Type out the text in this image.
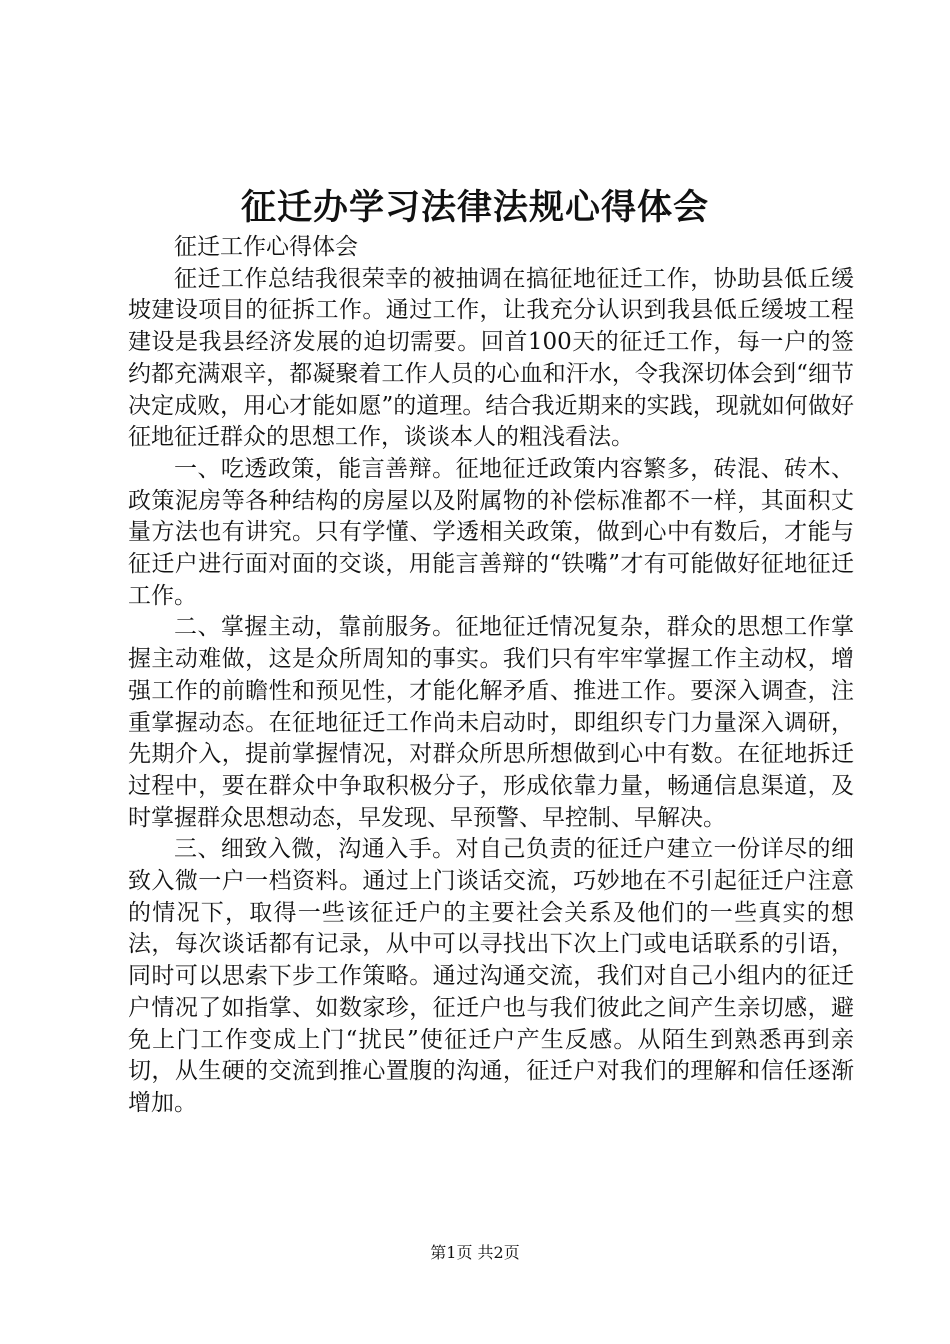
征迁办学习法律法规心得体会

征迁工作心得体会

征迁工作总结我很荣幸的被抽调在搞征地征迁工作，协助县低丘缓坡建设项目的征拆工作。通过工作，让我充分认识到我县低丘缓坡工程建设是我县经济发展的迫切需要。回首100天的征迁工作，每一户的签约都充满艰辛，都凝聚着工作人员的心血和汗水，令我深切体会到“细节决定成败，用心才能如愿”的道理。结合我近期来的实践，现就如何做好征地征迁群众的思想工作，谈谈本人的粗浅看法。

一、吃透政策，能言善辩。征地征迁政策内容繁多，砖混、砖木、政策泥房等各种结构的房屋以及附属物的补偿标准都不一样，其面积丈量方法也有讲究。只有学懂、学透相关政策，做到心中有数后，才能与征迁户进行面对面的交谈，用能言善辩的“铁嘴”才有可能做好征地征迁工作。

二、掌握主动，靠前服务。征地征迁情况复杂，群众的思想工作掌握主动难做，这是众所周知的事实。我们只有牢牢掌握工作主动权，增强工作的前瞻性和预见性，才能化解矛盾、推进工作。要深入调查，注重掌握动态。在征地征迁工作尚未启动时，即组织专门力量深入调研，先期介入，提前掌握情况，对群众所思所想做到心中有数。在征地拆迁过程中，要在群众中争取积极分子，形成依靠力量，畅通信息渠道，及时掌握群众思想动态，早发现、早预警、早控制、早解决。

三、细致入微，沟通入手。对自己负责的征迁户建立一份详尽的细致入微一户一档资料。通过上门谈话交流，巧妙地在不引起征迁户注意的情况下，取得一些该征迁户的主要社会关系及他们的一些真实的想法，每次谈话都有记录，从中可以寻找出下次上门或电话联系的引语，同时可以思索下步工作策略。通过沟通交流，我们对自己小组内的征迁户情况了如指掌、如数家珍，征迁户也与我们彼此之间产生亲切感，避免上门工作变成上门“扰民”使征迁户产生反感。从陌生到熟悉再到亲切，从生硬的交流到推心置腹的沟通，征迁户对我们的理解和信任逐渐增加。

第1页 共2页
